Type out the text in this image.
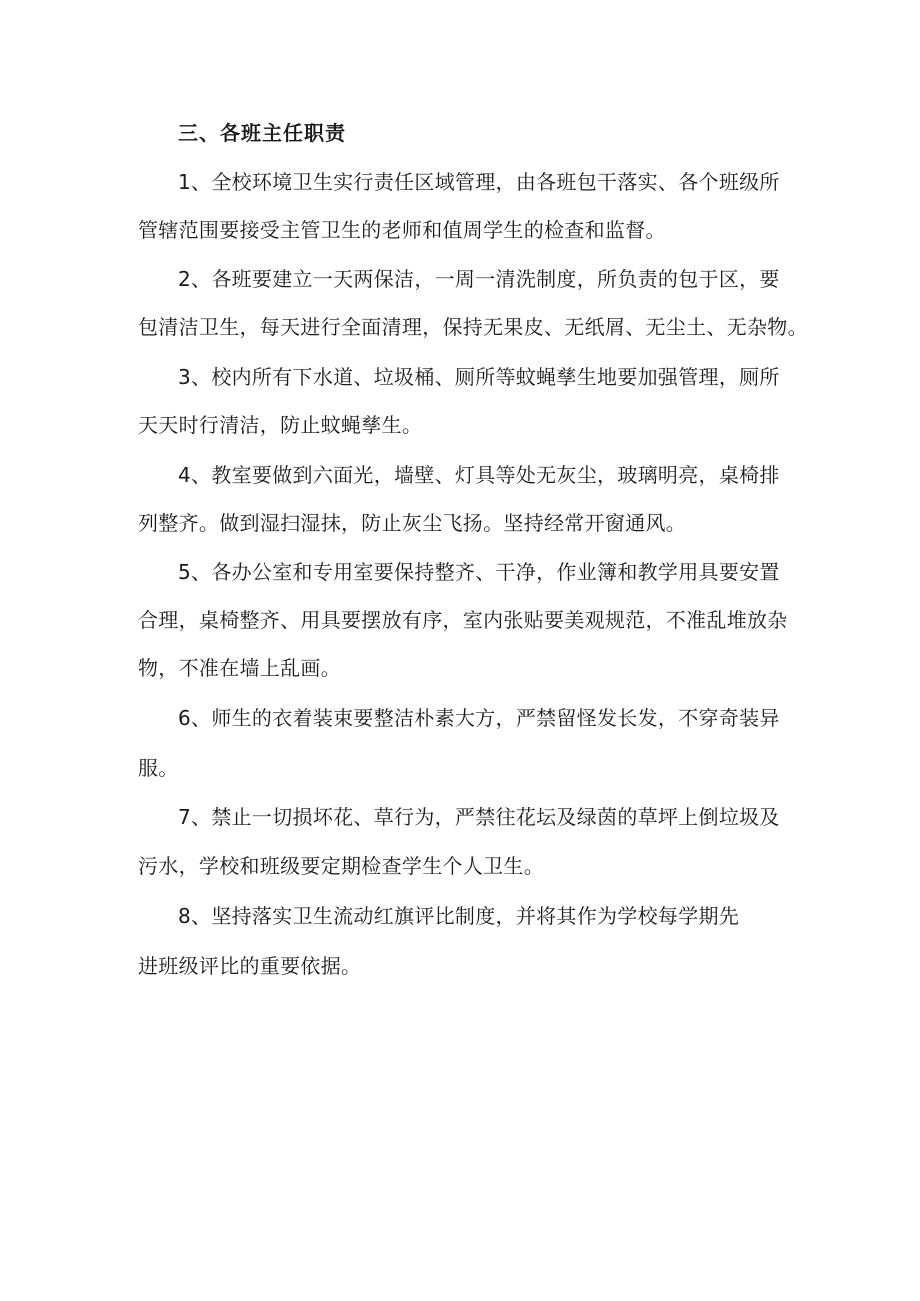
三、各班主任职责
1、全校环境卫生实行责任区域管理，由各班包干落实、各个班级所
管辖范围要接受主管卫生的老师和值周学生的检查和监督。
2、各班要建立一天两保洁，一周一清洗制度，所负责的包于区，要
包清洁卫生，每天进行全面清理，保持无果皮、无纸屑、无尘土、无杂物。
3、校内所有下水道、垃圾桶、厕所等蚊蝇孳生地要加强管理，厕所
天天时行清洁，防止蚊蝇孳生。
4、教室要做到六面光，墙壁、灯具等处无灰尘，玻璃明亮，桌椅排
列整齐。做到湿扫湿抹，防止灰尘飞扬。坚持经常开窗通风。
5、各办公室和专用室要保持整齐、干净，作业簿和教学用具要安置
合理，桌椅整齐、用具要摆放有序，室内张贴要美观规范，不准乱堆放杂
物，不准在墙上乱画。
6、师生的衣着装束要整洁朴素大方，严禁留怪发长发，不穿奇装异
服。
7、禁止一切损坏花、草行为，严禁往花坛及绿茵的草坪上倒垃圾及
污水，学校和班级要定期检查学生个人卫生。
8、坚持落实卫生流动红旗评比制度，并将其作为学校每学期先
进班级评比的重要依据。
